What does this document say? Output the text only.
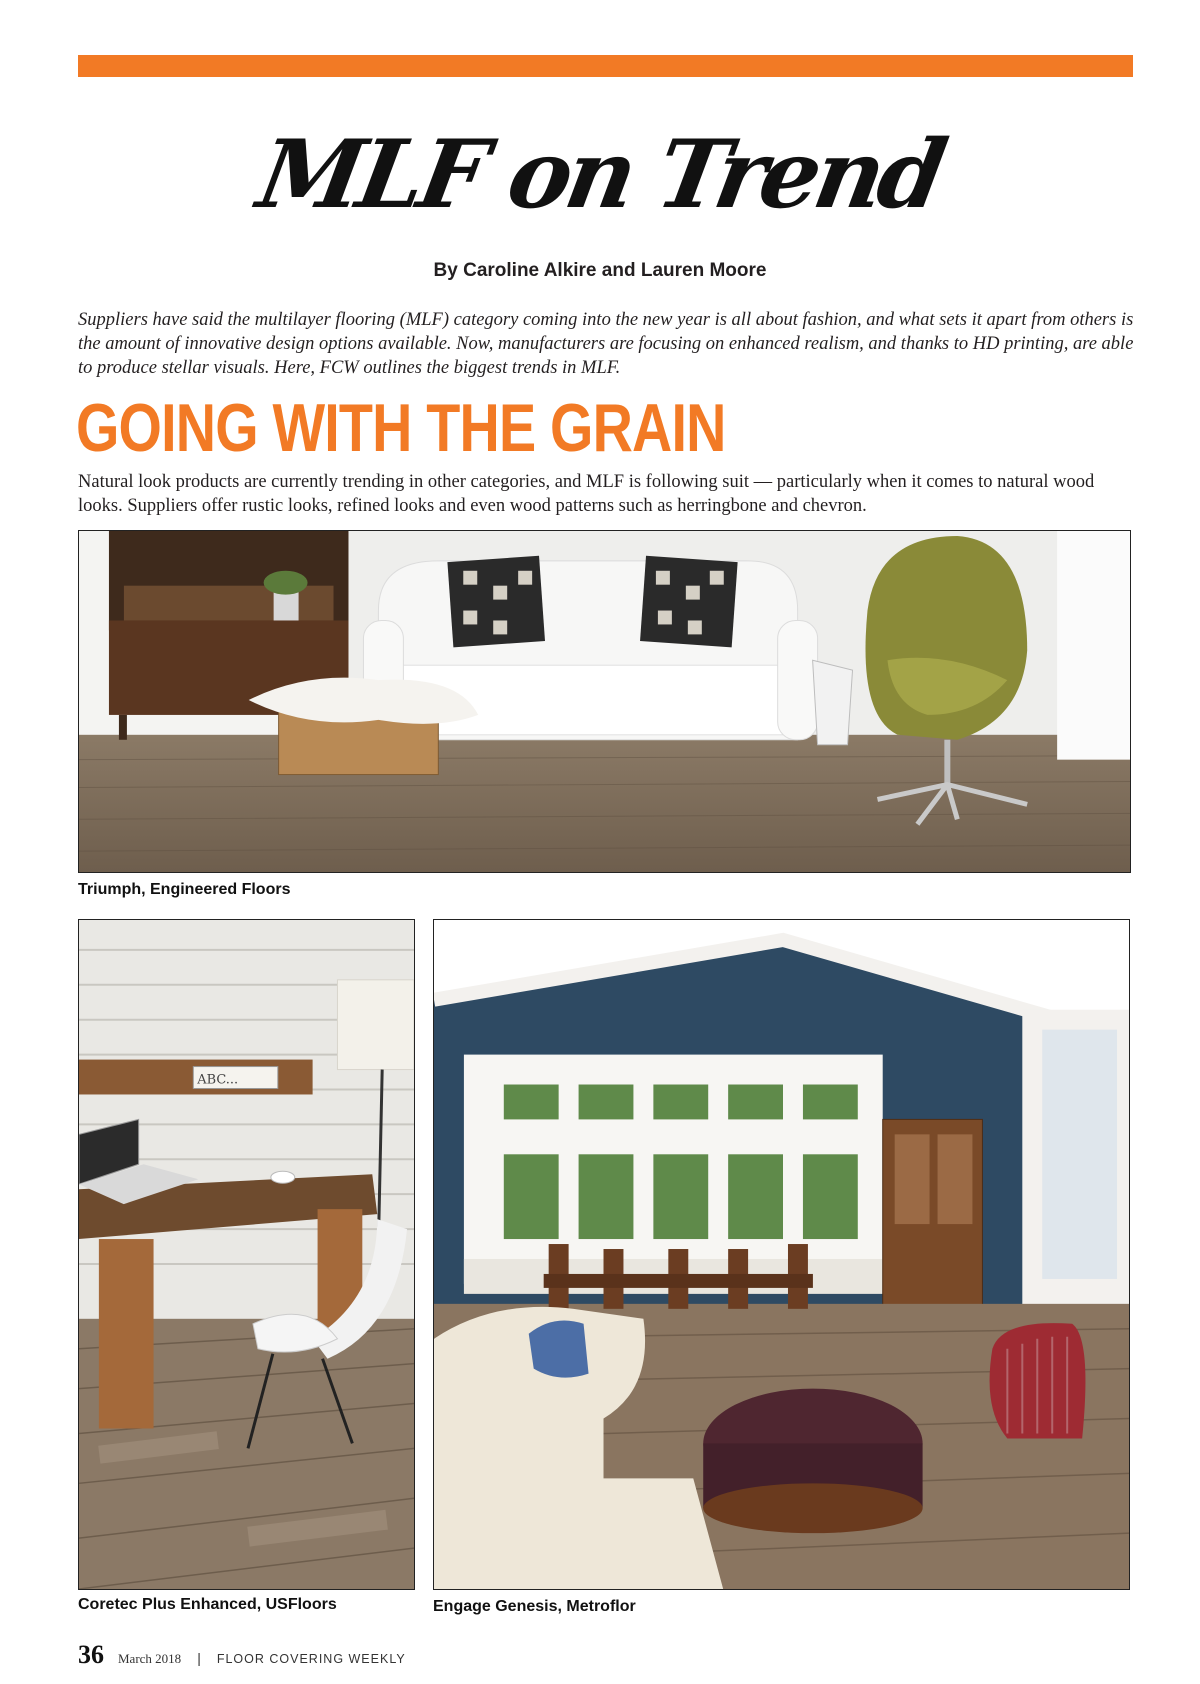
MLF on Trend
By Caroline Alkire and Lauren Moore
Suppliers have said the multilayer flooring (MLF) category coming into the new year is all about fashion, and what sets it apart from others is the amount of innovative design options available. Now, manufacturers are focusing on enhanced realism, and thanks to HD printing, are able to produce stellar visuals. Here, FCW outlines the biggest trends in MLF.
GOING WITH THE GRAIN
Natural look products are currently trending in other categories, and MLF is following suit — particularly when it comes to natural wood looks. Suppliers offer rustic looks, refined looks and even wood patterns such as herringbone and chevron.
Triumph, Engineered Floors
ABC...
Coretec Plus Enhanced, USFloors	Engage Genesis, Metroflor
36 March 2018 | FLOOR COVERING WEEKLY
